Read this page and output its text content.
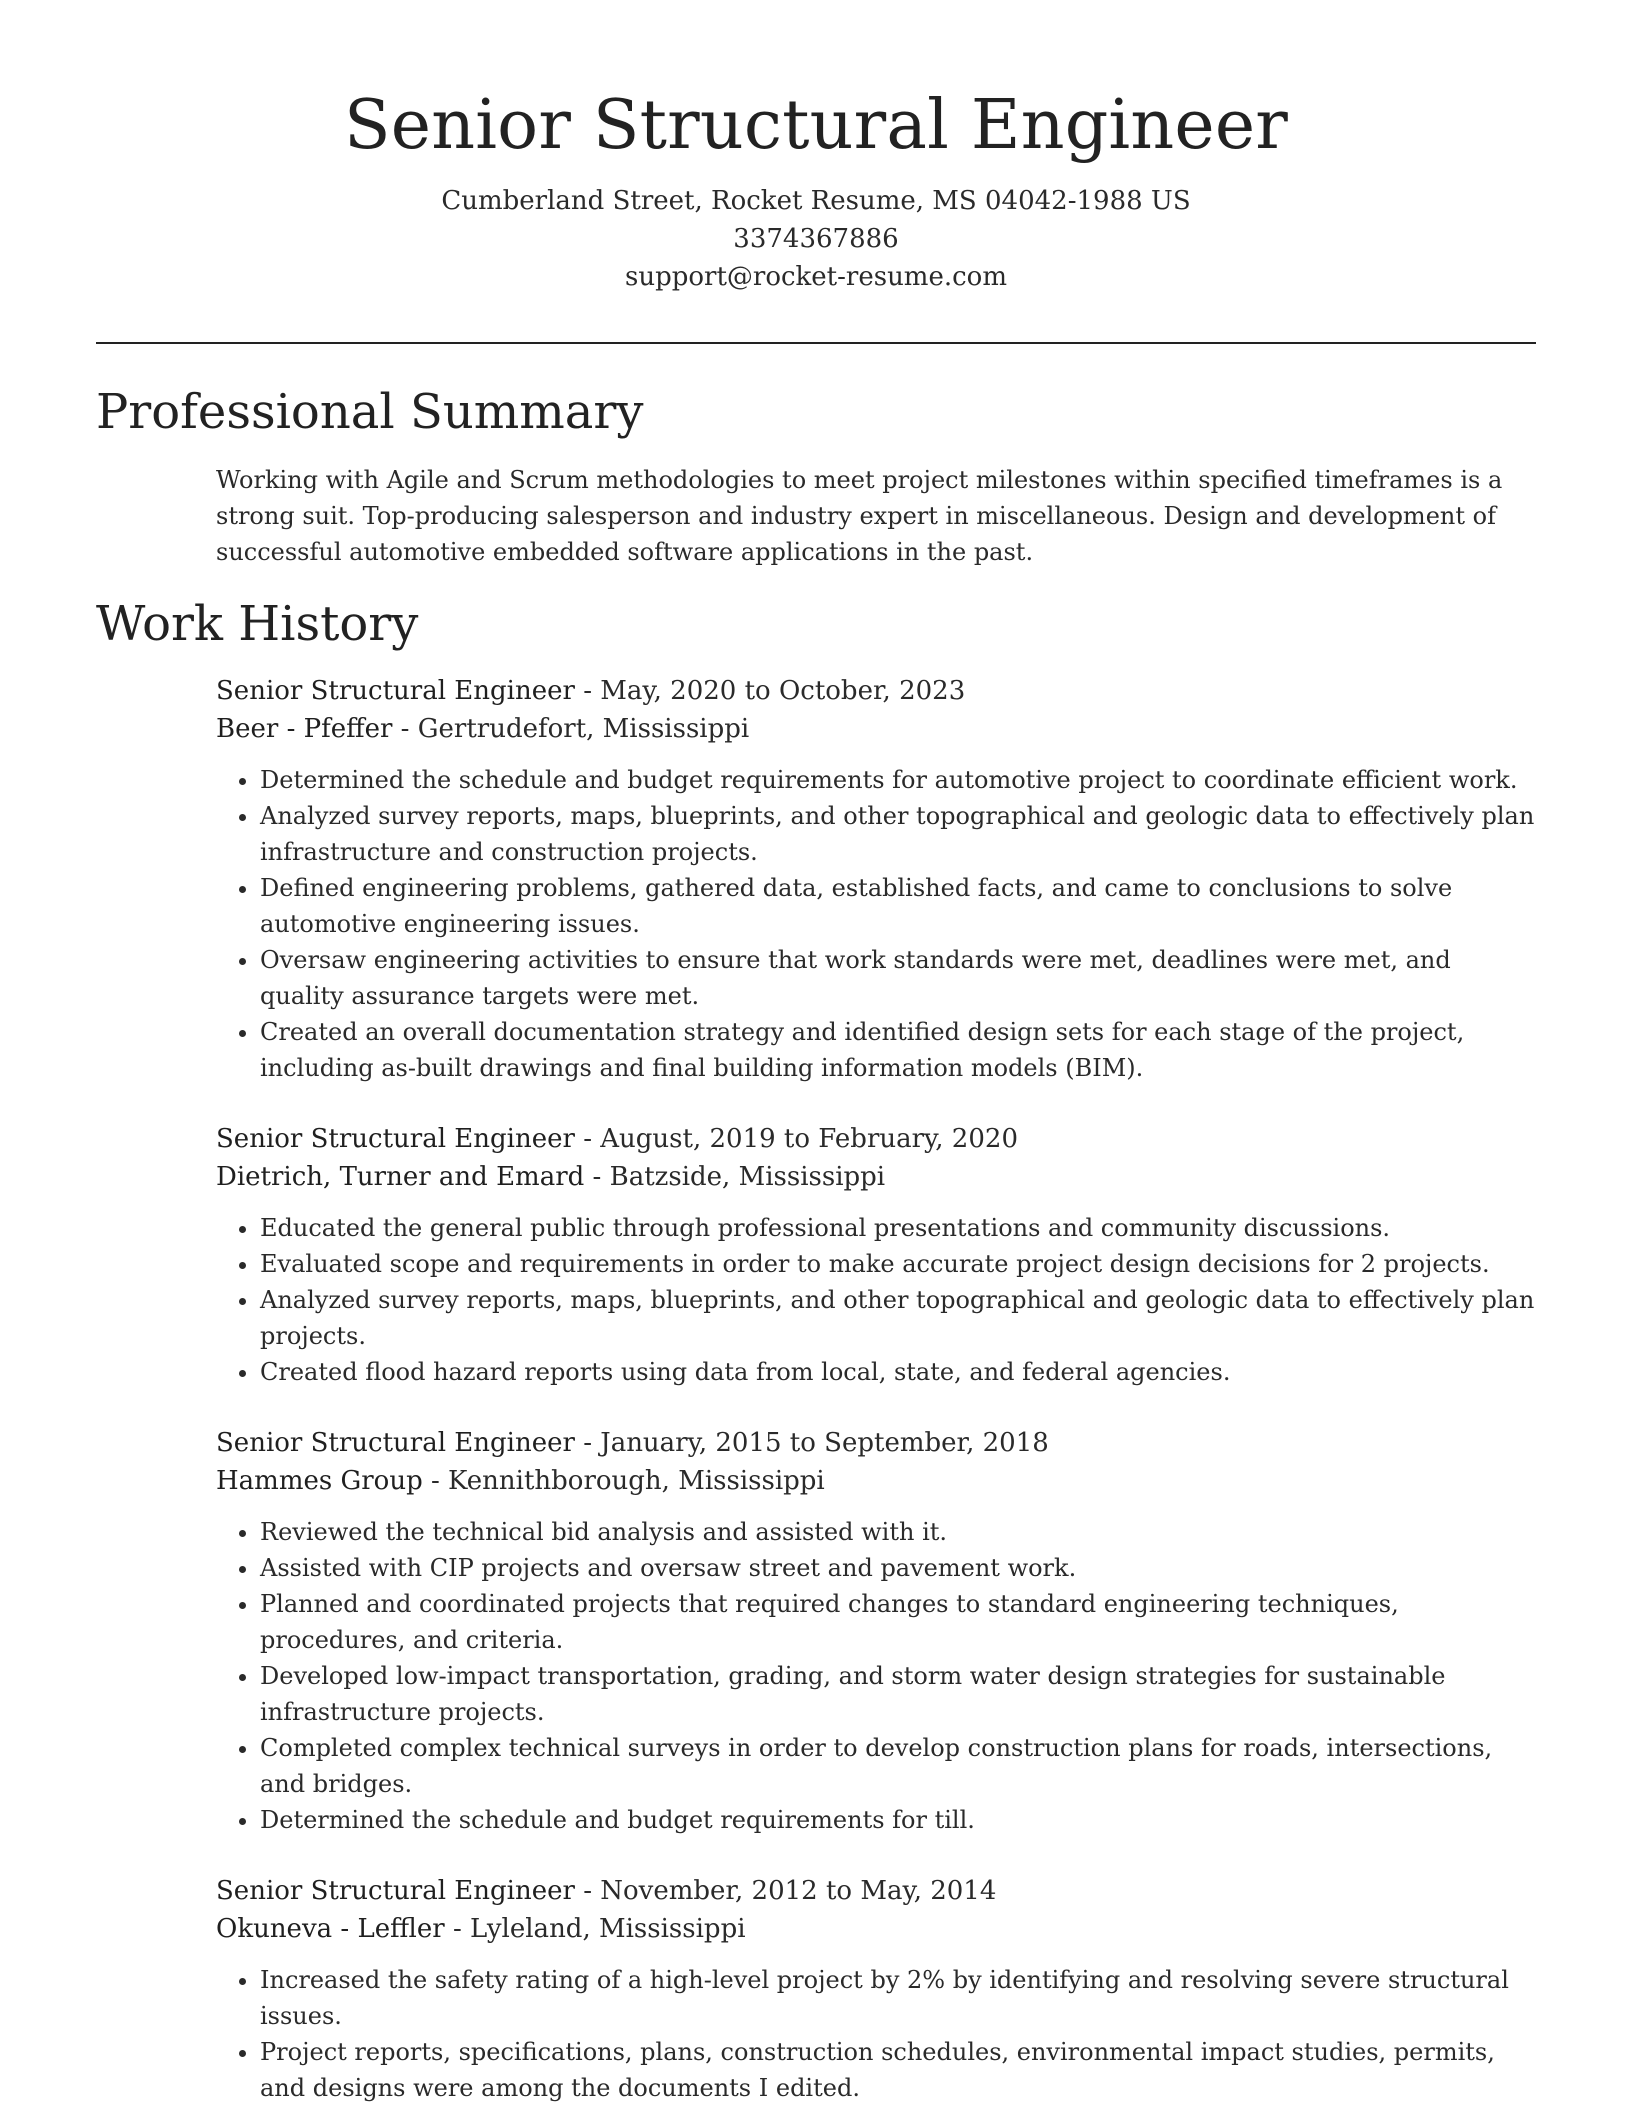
Senior Structural Engineer
Cumberland Street, Rocket Resume, MS 04042-1988 US
3374367886
support@rocket-resume.com
Professional Summary

Working with Agile and Scrum methodologies to meet project milestones within specified timeframes is a strong suit. Top-producing salesperson and industry expert in miscellaneous. Design and development of successful automotive embedded software applications in the past.

Work History
Senior Structural Engineer - May, 2020 to October, 2023
Beer - Pfeffer - Gertrudefort, Mississippi
• Determined the schedule and budget requirements for automotive project to coordinate efficient work.
• Analyzed survey reports, maps, blueprints, and other topographical and geologic data to effectively plan infrastructure and construction projects.
• Defined engineering problems, gathered data, established facts, and came to conclusions to solve automotive engineering issues.
• Oversaw engineering activities to ensure that work standards were met, deadlines were met, and quality assurance targets were met.
• Created an overall documentation strategy and identified design sets for each stage of the project, including as-built drawings and final building information models (BIM).
Senior Structural Engineer - August, 2019 to February, 2020
Dietrich, Turner and Emard - Batzside, Mississippi
• Educated the general public through professional presentations and community discussions.
• Evaluated scope and requirements in order to make accurate project design decisions for 2 projects.
• Analyzed survey reports, maps, blueprints, and other topographical and geologic data to effectively plan projects.
• Created flood hazard reports using data from local, state, and federal agencies.
Senior Structural Engineer - January, 2015 to September, 2018
Hammes Group - Kennithborough, Mississippi
• Reviewed the technical bid analysis and assisted with it.
• Assisted with CIP projects and oversaw street and pavement work.
• Planned and coordinated projects that required changes to standard engineering techniques, procedures, and criteria.
• Developed low-impact transportation, grading, and storm water design strategies for sustainable infrastructure projects.
• Completed complex technical surveys in order to develop construction plans for roads, intersections, and bridges.
• Determined the schedule and budget requirements for till.
Senior Structural Engineer - November, 2012 to May, 2014
Okuneva - Leffler - Lyleland, Mississippi
• Increased the safety rating of a high-level project by 2% by identifying and resolving severe structural issues.
• Project reports, specifications, plans, construction schedules, environmental impact studies, permits, and designs were among the documents I edited.
